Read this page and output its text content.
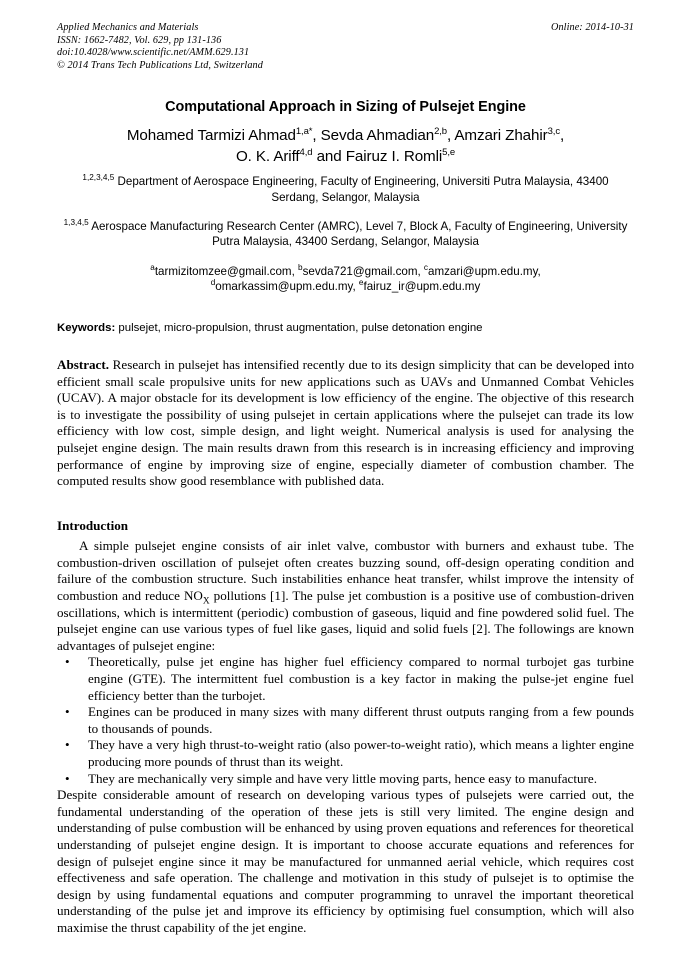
Applied Mechanics and Materials
ISSN: 1662-7482, Vol. 629, pp 131-136
doi:10.4028/www.scientific.net/AMM.629.131
© 2014 Trans Tech Publications Ltd, Switzerland
Online: 2014-10-31
Computational Approach in Sizing of Pulsejet Engine
Mohamed Tarmizi Ahmad$^{1,a*}$, Sevda Ahmadian$^{2,b}$, Amzari Zhahir$^{3,c}$,
O. K. Ariff$^{4,d}$ and Fairuz I. Romli$^{5,e}$
$^{1,2,3,4,5}$ Department of Aerospace Engineering, Faculty of Engineering, Universiti Putra Malaysia, 43400 Serdang, Selangor, Malaysia
$^{1,3,4,5}$ Aerospace Manufacturing Research Center (AMRC), Level 7, Block A, Faculty of Engineering, University Putra Malaysia, 43400 Serdang, Selangor, Malaysia
$^a$tarmizitomzee@gmail.com, $^b$sevda721@gmail.com, $^c$amzari@upm.edu.my,
$^d$omarkassim@upm.edu.my, $^e$fairuz_ir@upm.edu.my
Keywords: pulsejet, micro-propulsion, thrust augmentation, pulse detonation engine
Abstract. Research in pulsejet has intensified recently due to its design simplicity that can be developed into efficient small scale propulsive units for new applications such as UAVs and Unmanned Combat Vehicles (UCAV). A major obstacle for its development is low efficiency of the engine. The objective of this research is to investigate the possibility of using pulsejet in certain applications where the pulsejet can trade its low efficiency with low cost, simple design, and light weight. Numerical analysis is used for analysing the pulsejet engine design. The main results drawn from this research is in increasing efficiency and improving performance of engine by improving size of engine, especially diameter of combustion chamber. The computed results show good resemblance with published data.
Introduction

A simple pulsejet engine consists of air inlet valve, combustor with burners and exhaust tube. The combustion-driven oscillation of pulsejet often creates buzzing sound, off-design operating condition and failure of the combustion structure. Such instabilities enhance heat transfer, whilst improve the intensity of combustion and reduce $NO_X$ pollutions [1]. The pulse jet combustion is a positive use of combustion-driven oscillations, which is intermittent (periodic) combustion of gaseous, liquid and fine powdered solid fuel. The pulsejet engine can use various types of fuel like gases, liquid and solid fuels [2]. The followings are known advantages of pulsejet engine:

• Theoretically, pulse jet engine has higher fuel efficiency compared to normal turbojet gas turbine engine (GTE). The intermittent fuel combustion is a key factor in making the pulse-jet engine fuel efficiency better than the turbojet.
• Engines can be produced in many sizes with many different thrust outputs ranging from a few pounds to thousands of pounds.
• They have a very high thrust-to-weight ratio (also power-to-weight ratio), which means a lighter engine producing more pounds of thrust than its weight.
• They are mechanically very simple and have very little moving parts, hence easy to manufacture.

Despite considerable amount of research on developing various types of pulsejets were carried out, the fundamental understanding of the operation of these jets is still very limited. The engine design and understanding of pulse combustion will be enhanced by using proven equations and references for theoretical understanding of pulsejet engine design. It is important to choose accurate equations and references for design of pulsejet engine since it may be manufactured for unmanned aerial vehicle, which requires cost effectiveness and safe operation. The challenge and motivation in this study of pulsejet is to optimise the design by using fundamental equations and computer programming to unravel the important theoretical understanding of the pulse jet and improve its efficiency by optimising fuel consumption, which will also maximise the thrust capability of the jet engine.
